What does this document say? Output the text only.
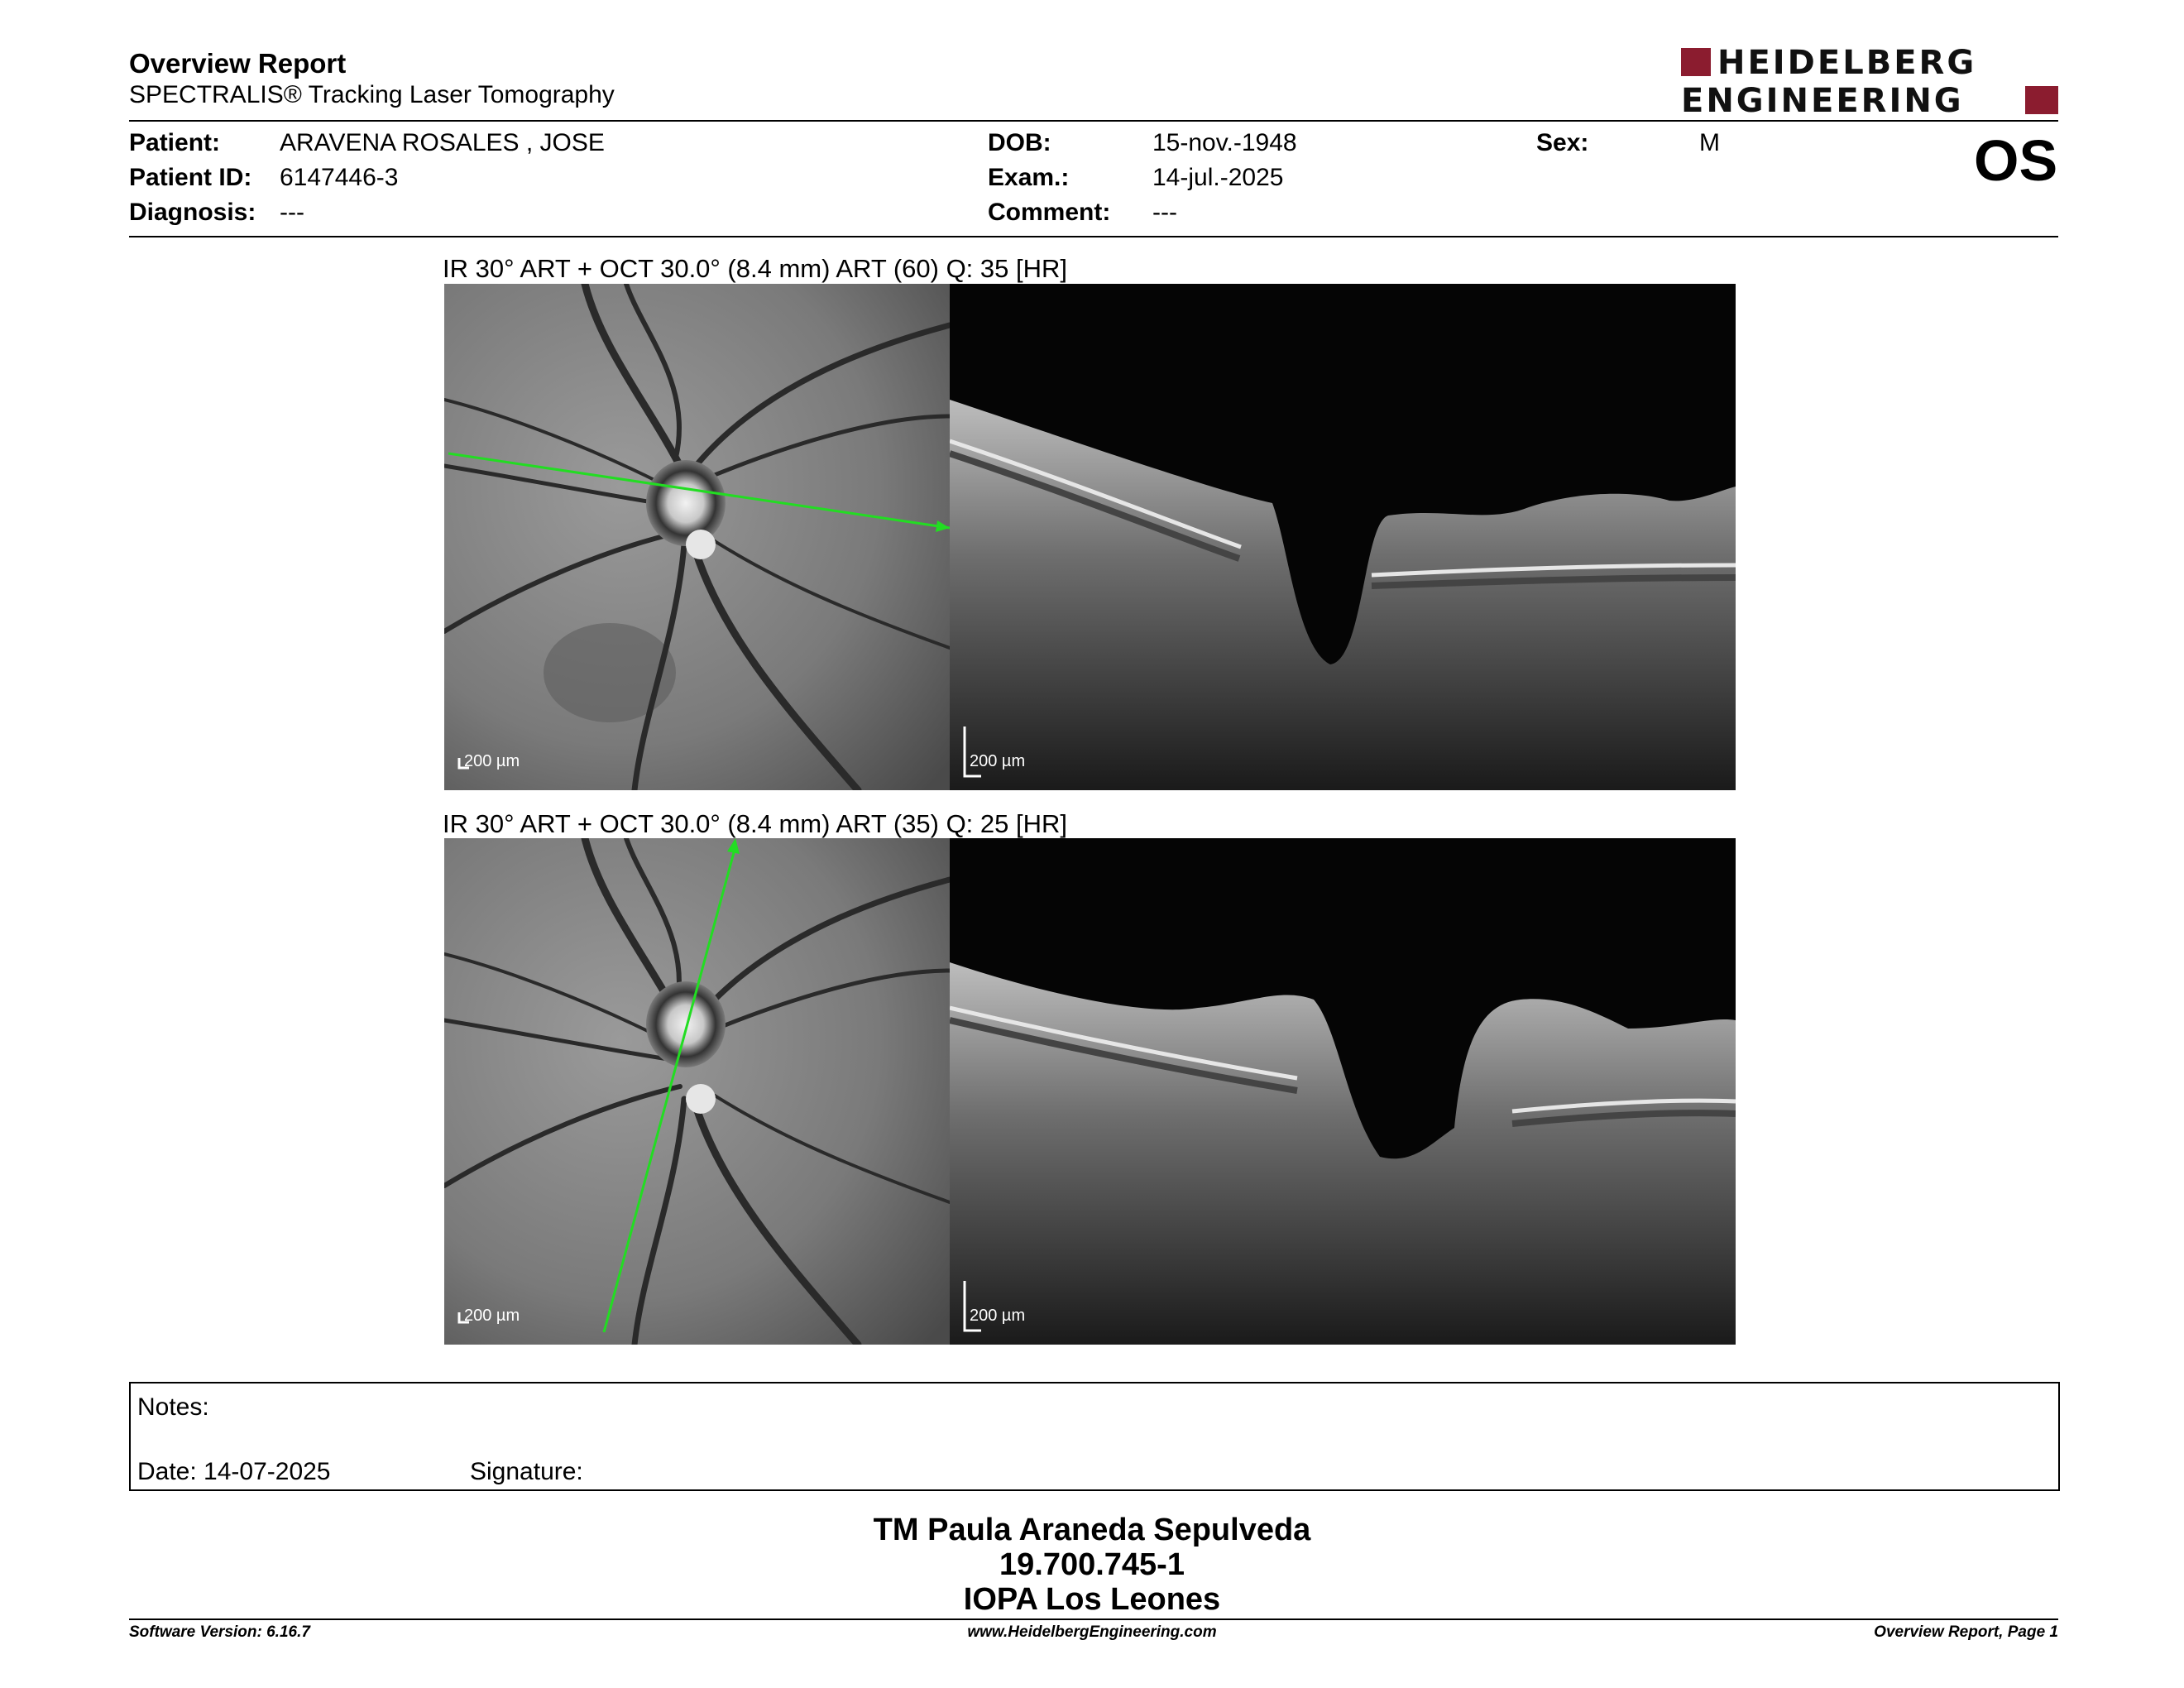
Overview Report
SPECTRALIS® Tracking Laser Tomography
HEIDELBERG
ENGINEERING
Patient: ARAVENA ROSALES , JOSE
Patient ID: 6147446-3
Diagnosis: ---
DOB:	15-nov.-1948
Exam.:	14-jul.-2025
Comment: ---
Sex:	M	OS
IR 30° ART + OCT 30.0° (8.4 mm) ART (60) Q: 35 [HR]
200 µm	200 µm
IR 30° ART + OCT 30.0° (8.4 mm) ART (35) Q: 25 [HR]
200 µm	200 µm
Notes:
Date: 14-07-2025	Signature:
TM Paula Araneda Sepulveda
19.700.745-1
IOPA Los Leones
Software Version: 6.16.7	www.HeidelbergEngineering.com	Overview Report, Page 1
